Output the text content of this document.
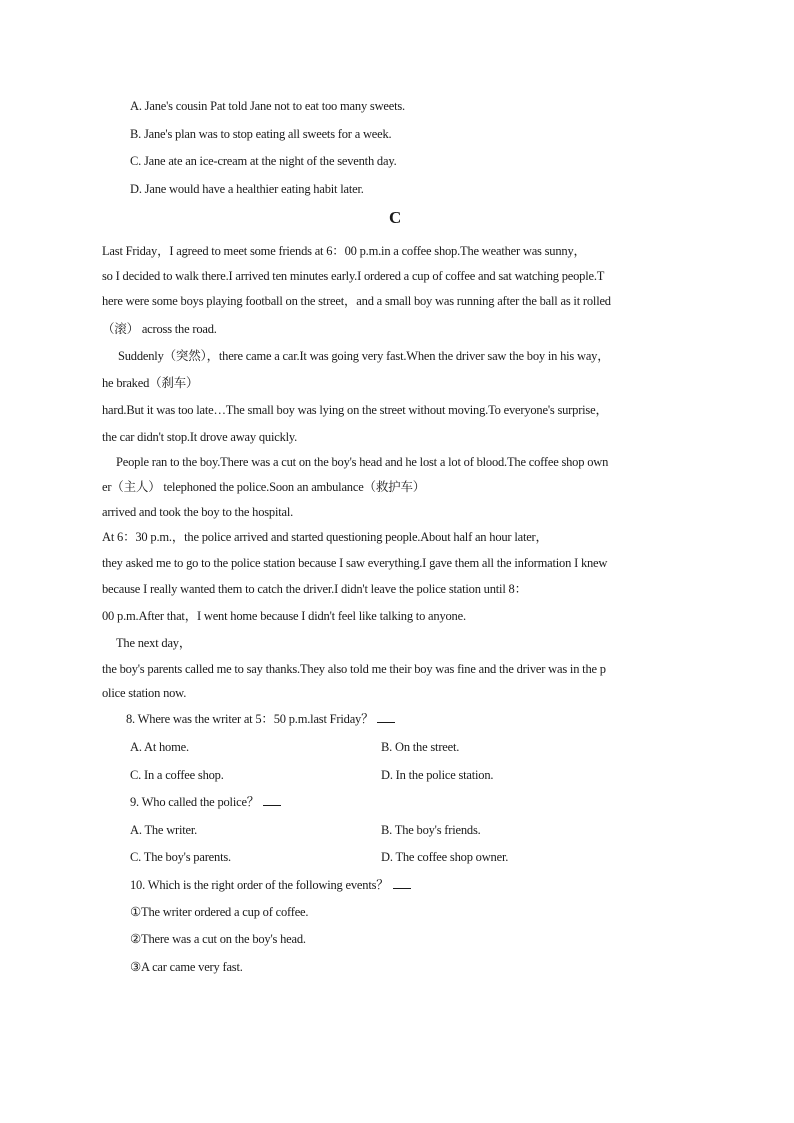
A. Jane's cousin Pat told Jane not to eat too many sweets.
B. Jane's plan was to stop eating all sweets for a week.
C. Jane ate an ice-cream at the night of the seventh day.
D. Jane would have a healthier eating habit later.
C
Last Friday，I agreed to meet some friends at 6：00 p.m.in a coffee shop.The weather was sunny，
so I decided to walk there.I arrived ten minutes early.I ordered a cup of coffee and sat watching people.T
here were some boys playing football on the street，and a small boy was running after the ball as it rolled
（滚） across the road.
Suddenly（突然），there came a car.It was going very fast.When the driver saw the boy in his way，
he braked（刹车）
hard.But it was too late…The small boy was lying on the street without moving.To everyone's surprise，
the car didn't stop.It drove away quickly.
People ran to the boy.There was a cut on the boy's head and he lost a lot of blood.The coffee shop own
er（主人） telephoned the police.Soon an ambulance（救护车）
arrived and took the boy to the hospital.
At 6：30 p.m.，the police arrived and started questioning people.About half an hour later，
they asked me to go to the police station because I saw everything.I gave them all the information I knew
because I really wanted them to catch the driver.I didn't leave the police station until 8：
00 p.m.After that，I went home because I didn't feel like talking to anyone.
The next day，
the boy's parents called me to say thanks.They also told me their boy was fine and the driver was in the p
olice station now.
8. Where was the writer at 5：50 p.m.last Friday？
A. At home.	B. On the street.
C. In a coffee shop.	D. In the police station.
9. Who called the police？
A. The writer.	B. The boy's friends.
C. The boy's parents.	D. The coffee shop owner.
10. Which is the right order of the following events？
①The writer ordered a cup of coffee.
②There was a cut on the boy's head.
③A car came very fast.
